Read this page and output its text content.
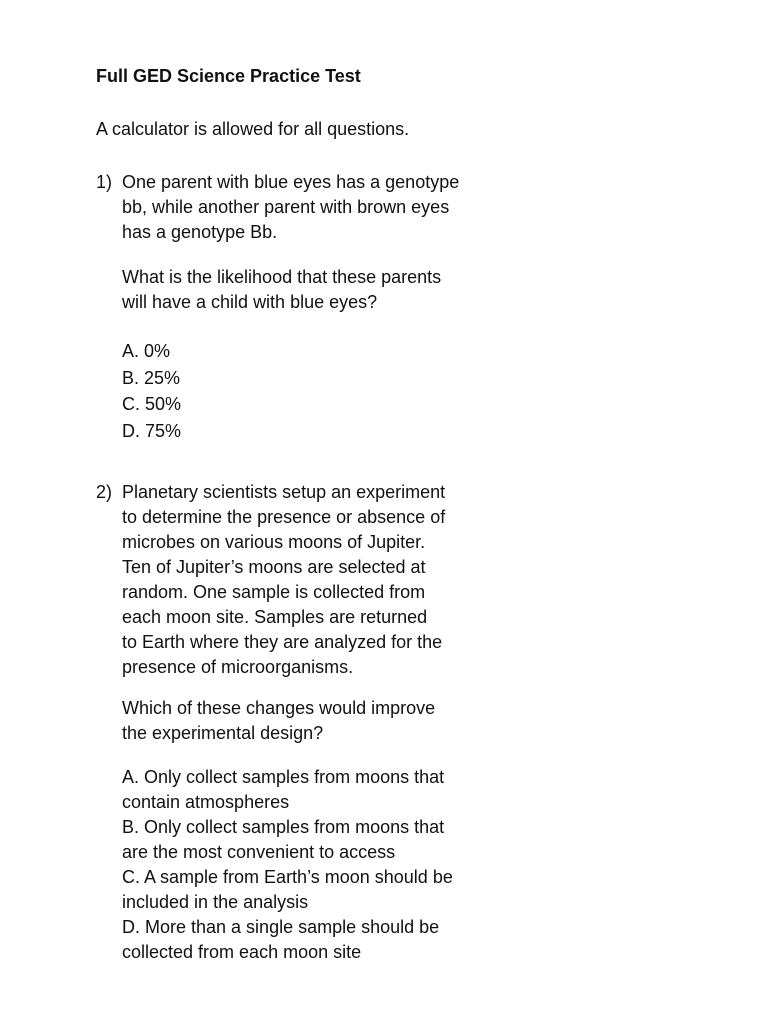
Full GED Science Practice Test
A calculator is allowed for all questions.
1) One parent with blue eyes has a genotype
bb, while another parent with brown eyes
has a genotype Bb.
What is the likelihood that these parents
will have a child with blue eyes?
A. 0%
B. 25%
C. 50%
D. 75%
2) Planetary scientists setup an experiment
to determine the presence or absence of
microbes on various moons of Jupiter.
Ten of Jupiter’s moons are selected at
random. One sample is collected from
each moon site. Samples are returned
to Earth where they are analyzed for the
presence of microorganisms.
Which of these changes would improve
the experimental design?
A. Only collect samples from moons that
contain atmospheres
B. Only collect samples from moons that
are the most convenient to access
C. A sample from Earth’s moon should be
included in the analysis
D. More than a single sample should be
collected from each moon site
